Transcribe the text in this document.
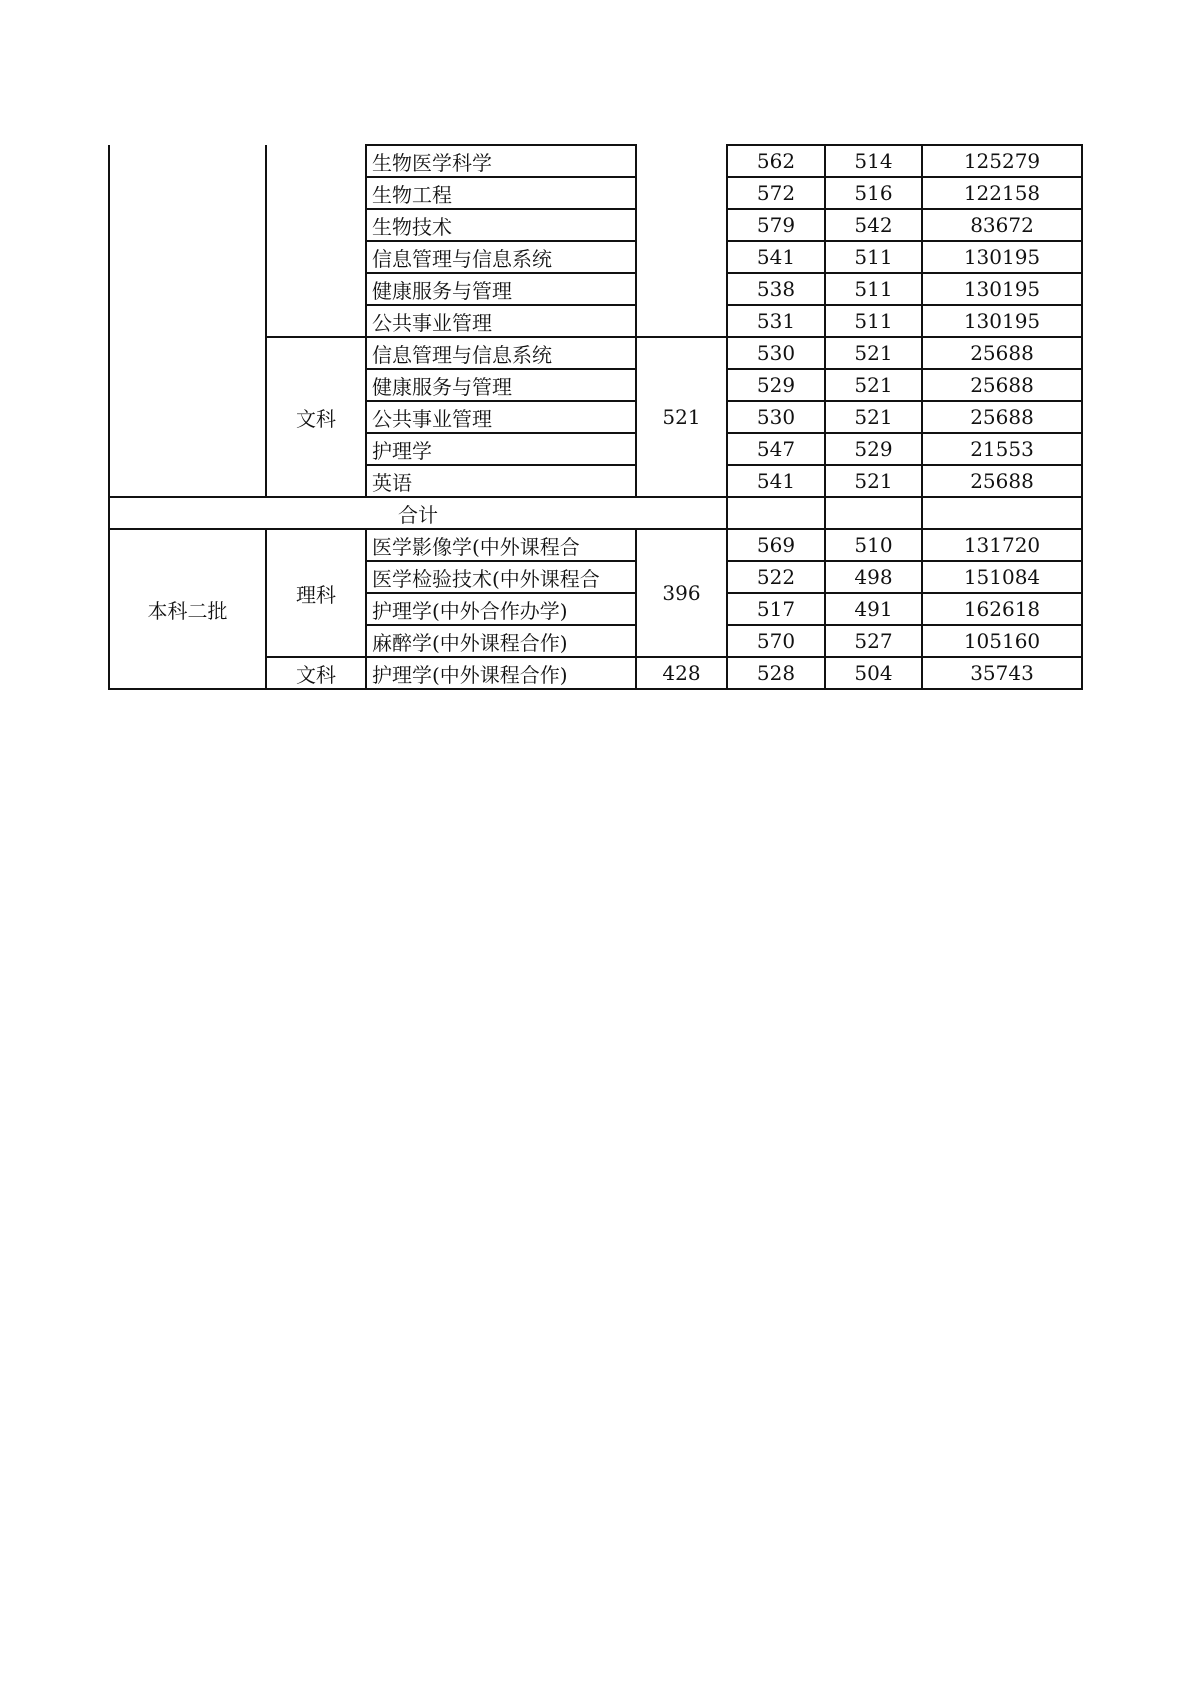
		生物医学科学		562	514	125279
		生物工程		572	516	122158
		生物技术		579	542	83672
		信息管理与信息系统		541	511	130195
		健康服务与管理		538	511	130195
		公共事业管理		531	511	130195
	文科	信息管理与信息系统	521	530	521	25688
		健康服务与管理		529	521	25688
		公共事业管理		530	521	25688
		护理学		547	529	21553
		英语		541	521	25688
合计						
本科二批	理科	医学影像学(中外课程合	396	569	510	131720
		医学检验技术(中外课程合		522	498	151084
		护理学(中外合作办学)		517	491	162618
		麻醉学(中外课程合作)		570	527	105160
	文科	护理学(中外课程合作)	428	528	504	35743
